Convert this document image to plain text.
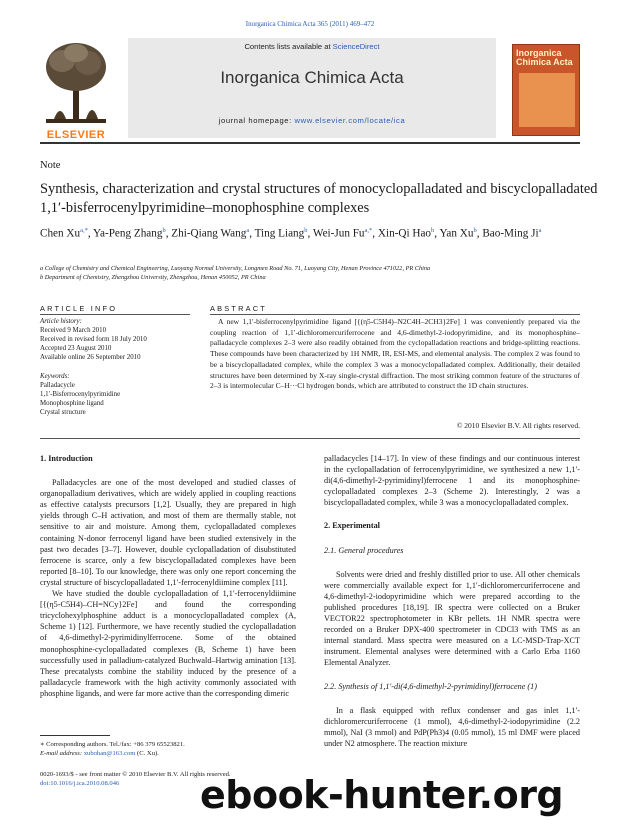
Inorganica Chimica Acta 365 (2011) 469–472
ELSEVIER
Contents lists available at ScienceDirect
Inorganica Chimica Acta
journal homepage: www.elsevier.com/locate/ica
Inorganica Chimica Acta
Note
Synthesis, characterization and crystal structures of monocyclopalladated and biscyclopalladated 1,1′-bisferrocenylpyrimidine–monophosphine complexes
Chen $Xu^{a,*}$, Ya-Peng Zhang$^b$, Zhi-Qiang Wang$^a$, Ting Liang$^b$, Wei-Jun $Fu^{a,*}$, Xin-Qi Hao$^b$, Yan Xu$^b$, Bao-Ming Ji$^a$
a College of Chemistry and Chemical Engineering, Luoyang Normal University, Longmen Road No. 71, Luoyang City, Henan Province 471022, PR China
b Department of Chemistry, Zhengzhou University, Zhengzhou, Henan 450052, PR China
ARTICLE INFO
Article history:
Received 9 March 2010
Received in revised form 18 July 2010
Accepted 23 August 2010
Available online 26 September 2010
Keywords:
Palladacycle
1,1′-Bisferrocenylpyrimidine
Monophosphine ligand
Crystal structure
ABSTRACT

A new 1,1′-bisferrocenylpyrimidine ligand [{(η5-C5H4)–N2C4H–2CH3}2Fe] 1 was conveniently prepared via the coupling reaction of 1,1′-dichloromercuriferrocene and 4,6-dimethyl-2-iodopyrimidine, and its monophosphine–palladacycle complexes 2–3 were also readily obtained from the cyclopalladation reactions and bridge-splitting reactions. These compounds have been characterized by 1H NMR, IR, ESI-MS, and elemental analysis. The complex 2 was found to be a biscyclopalladated complex, while the complex 3 was a monocyclopalladated complex. Additionally, their detailed structures have been determined by X-ray single-crystal diffraction. The most striking common feature of the structures of 2–3 is intermolecular C–H···Cl hydrogen bonds, which are attributed to construct the 1D chain structures.

© 2010 Elsevier B.V. All rights reserved.
1. Introduction

Palladacycles are one of the most developed and studied classes of organopalladium derivatives, which are widely applied in coupling reactions as effective catalysts precursors [1,2]. Usually, they are prepared in high yields through C–H activation, and most of them are thermally stable, not sensitive to air and moisture. Among them, cyclopalladated complexes containing N-donor ferrocenyl ligand have been studied extensively in the past two decades [3–7]. However, double cyclopalladation of disubstituted ferrocene is scarce, only a few biscyclopalladated complexes have been reported [8–10]. To our knowledge, there was only one report concerning the crystal structure of biscyclopalladated 1,1′-ferrocenyldiimine complex [11].

We have studied the double cyclopalladation of 1,1′-ferrocenyldiimine [{(η5-C5H4)–CH=NCy}2Fe] and found the corresponding tricyclohexylphosphine adduct is a monocyclopalladated complex (A, Scheme 1) [12]. Furthermore, we have recently studied the cyclopalladation of 4,6-dimethyl-2-pyrimidinylferrocene. Some of the obtained monophosphine-cyclopalladated complexes (B, Scheme 1) have been successfully used in palladium-catalyzed Buchwald–Hartwig amination [13]. These precatalysts combine the stability induced by the presence of a palladacycle framework with the high activity commonly associated with phosphine ligands, and were far more active than the corresponding dimeric

palladacycles [14–17]. In view of these findings and our continuous interest in the cyclopalladation of ferrocenylpyrimidine, we synthesized a new 1,1′-di(4,6-dimethyl-2-pyrimidinyl)ferrocene 1 and its monophosphine-cyclopalladated complexes 2–3 (Scheme 2). Interestingly, 2 was a biscyclopalladated complex, while 3 was a monocyclopalladated complex.

2. Experimental
2.1. General procedures

Solvents were dried and freshly distilled prior to use. All other chemicals were commercially available expect for 1,1′-dichloromercuriferrocene and 4,6-dimethyl-2-iodopyrimidine which were prepared according to the published procedures [18,19]. IR spectra were collected on a Bruker VECTOR22 spectrophotometer in KBr pellets. 1H NMR spectra were recorded on a Bruker DPX-400 spectrometer in CDCl3 with TMS as an internal standard. Mass spectra were measured on a LC-MSD-Trap-XCT instrument. Elemental analyses were determined with a Carlo Erba 1160 Elemental Analyzer.

2.2. Synthesis of 1,1′-di(4,6-dimethyl-2-pyrimidinyl)ferrocene (1)

In a flask equipped with reflux condenser and gas inlet 1,1′-dichloromercuriferrocene (1 mmol), 4,6-dimethyl-2-iodopyrimidine (2.2 mmol), NaI (3 mmol) and PdP(Ph3)4 (0.05 mmol), 15 ml DMF were placed under N2 atmosphere. The reaction mixture

∗ Corresponding authors. Tel./fax: +86 379 65523821.
E-mail address: xubohan@163.com (C. Xu).
0020-1693/$ - see front matter © 2010 Elsevier B.V. All rights reserved.
doi:10.1016/j.ica.2010.08.046	ebook-hunter.org
